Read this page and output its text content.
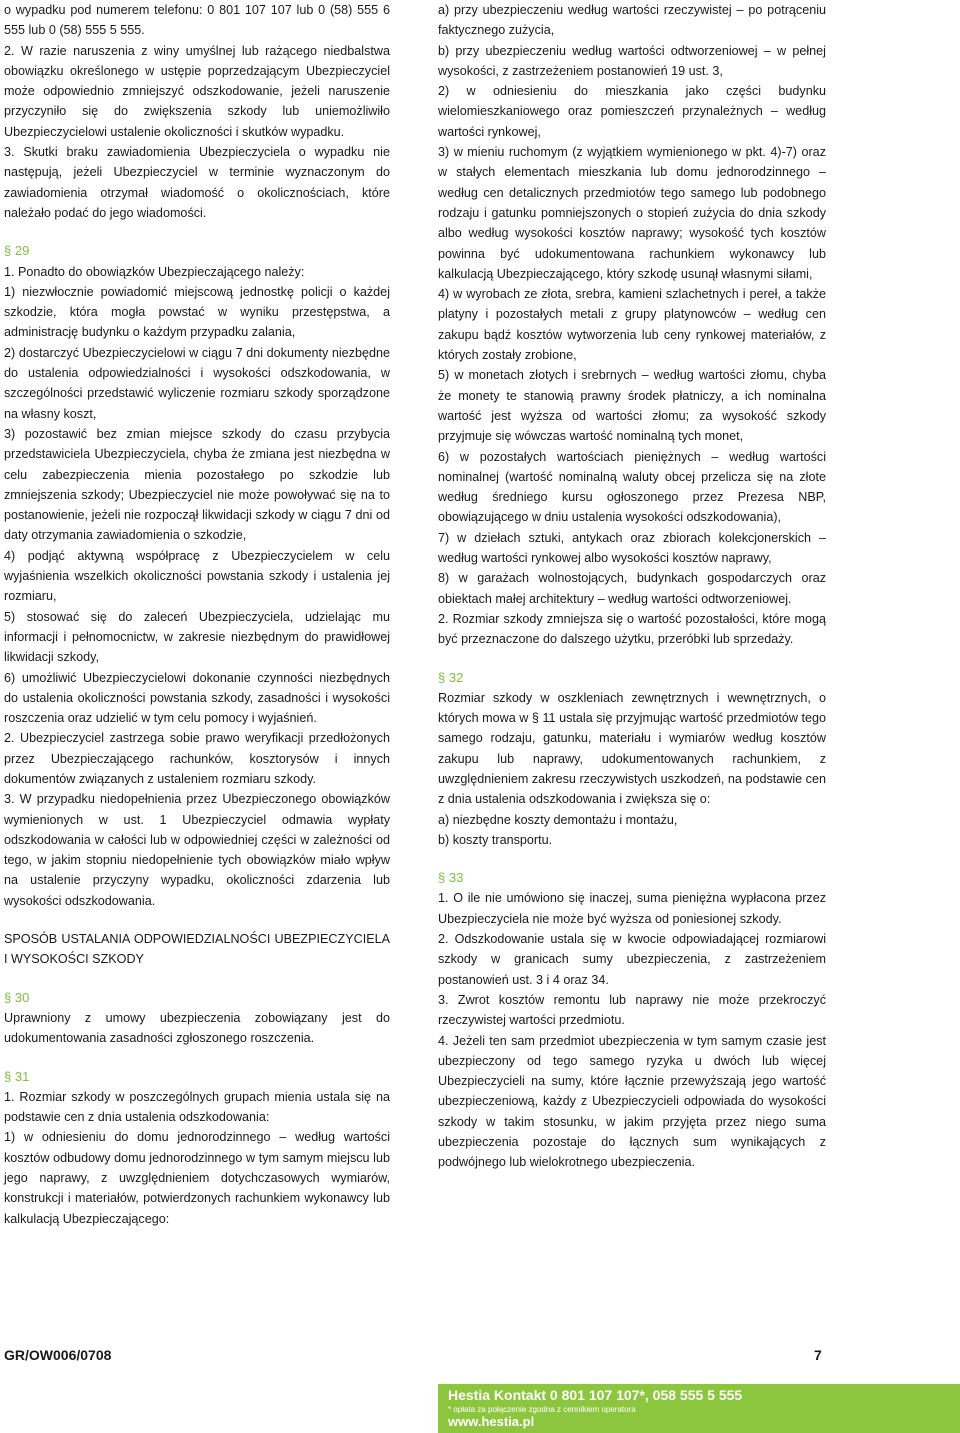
o wypadku pod numerem telefonu: 0 801 107 107 lub 0 (58) 555 6 555 lub 0 (58) 555 5 555.

2. W razie naruszenia z winy umyślnej lub rażącego niedbalstwa obowiązku określonego w ustępie poprzedzającym Ubezpieczyciel może odpowiednio zmniejszyć odszkodowanie, jeżeli naruszenie przyczyniło się do zwiększenia szkody lub uniemożliwiło Ubezpieczycielowi ustalenie okoliczności i skutków wypadku.

3. Skutki braku zawiadomienia Ubezpieczyciela o wypadku nie następują, jeżeli Ubezpieczyciel w terminie wyznaczonym do zawiadomienia otrzymał wiadomość o okolicznościach, które należało podać do jego wiadomości.

§ 29

1. Ponadto do obowiązków Ubezpieczającego należy:

1) niezwłocznie powiadomić miejscową jednostkę policji o każdej szkodzie, która mogła powstać w wyniku przestępstwa, a administrację budynku o każdym przypadku zalania,

2) dostarczyć Ubezpieczycielowi w ciągu 7 dni dokumenty niezbędne do ustalenia odpowiedzialności i wysokości odszkodowania, w szczególności przedstawić wyliczenie rozmiaru szkody sporządzone na własny koszt,

3) pozostawić bez zmian miejsce szkody do czasu przybycia przedstawiciela Ubezpieczyciela, chyba że zmiana jest niezbędna w celu zabezpieczenia mienia pozostałego po szkodzie lub zmniejszenia szkody; Ubezpieczyciel nie może powoływać się na to postanowienie, jeżeli nie rozpoczął likwidacji szkody w ciągu 7 dni od daty otrzymania zawiadomienia o szkodzie,

4) podjąć aktywną współpracę z Ubezpieczycielem w celu wyjaśnienia wszelkich okoliczności powstania szkody i ustalenia jej rozmiaru,

5) stosować się do zaleceń Ubezpieczyciela, udzielając mu informacji i pełnomocnictw, w zakresie niezbędnym do prawidłowej likwidacji szkody,

6) umożliwić Ubezpieczycielowi dokonanie czynności niezbędnych do ustalenia okoliczności powstania szkody, zasadności i wysokości roszczenia oraz udzielić w tym celu pomocy i wyjaśnień.

2. Ubezpieczyciel zastrzega sobie prawo weryfikacji przedłożonych przez Ubezpieczającego rachunków, kosztorysów i innych dokumentów związanych z ustaleniem rozmiaru szkody.

3. W przypadku niedopełnienia przez Ubezpieczonego obowiązków wymienionych w ust. 1 Ubezpieczyciel odmawia wypłaty odszkodowania w całości lub w odpowiedniej części w zależności od tego, w jakim stopniu niedopełnienie tych obowiązków miało wpływ na ustalenie przyczyny wypadku, okoliczności zdarzenia lub wysokości odszkodowania.

SPOSÓB USTALANIA ODPOWIEDZIALNOŚCI UBEZPIECZYCIELA I WYSOKOŚCI SZKODY

§ 30

Uprawniony z umowy ubezpieczenia zobowiązany jest do udokumentowania zasadności zgłoszonego roszczenia.

§ 31

1. Rozmiar szkody w poszczególnych grupach mienia ustala się na podstawie cen z dnia ustalenia odszkodowania:

1) w odniesieniu do domu jednorodzinnego – według wartości kosztów odbudowy domu jednorodzinnego w tym samym miejscu lub jego naprawy, z uwzględnieniem dotychczasowych wymiarów, konstrukcji i materiałów, potwierdzonych rachunkiem wykonawcy lub kalkulacją Ubezpieczającego:

a) przy ubezpieczeniu według wartości rzeczywistej – po potrąceniu faktycznego zużycia,

b) przy ubezpieczeniu według wartości odtworzeniowej – w pełnej wysokości, z zastrzeżeniem postanowień 19 ust. 3,

2) w odniesieniu do mieszkania jako części budynku wielomieszkaniowego oraz pomieszczeń przynależnych – według wartości rynkowej,

3) w mieniu ruchomym (z wyjątkiem wymienionego w pkt. 4)-7) oraz w stałych elementach mieszkania lub domu jednorodzinnego – według cen detalicznych przedmiotów tego samego lub podobnego rodzaju i gatunku pomniejszonych o stopień zużycia do dnia szkody albo według wysokości kosztów naprawy; wysokość tych kosztów powinna być udokumentowana rachunkiem wykonawcy lub kalkulacją Ubezpieczającego, który szkodę usunął własnymi siłami,

4) w wyrobach ze złota, srebra, kamieni szlachetnych i pereł, a także platyny i pozostałych metali z grupy platynowców – według cen zakupu bądź kosztów wytworzenia lub ceny rynkowej materiałów, z których zostały zrobione,

5) w monetach złotych i srebrnych – według wartości złomu, chyba że monety te stanowią prawny środek płatniczy, a ich nominalna wartość jest wyższa od wartości złomu; za wysokość szkody przyjmuje się wówczas wartość nominalną tych monet,

6) w pozostałych wartościach pieniężnych – według wartości nominalnej (wartość nominalną waluty obcej przelicza się na złote według średniego kursu ogłoszonego przez Prezesa NBP, obowiązującego w dniu ustalenia wysokości odszkodowania),

7) w dziełach sztuki, antykach oraz zbiorach kolekcjonerskich – według wartości rynkowej albo wysokości kosztów naprawy,

8) w garażach wolnostojących, budynkach gospodarczych oraz obiektach małej architektury – według wartości odtworzeniowej.

2. Rozmiar szkody zmniejsza się o wartość pozostałości, które mogą być przeznaczone do dalszego użytku, przeróbki lub sprzedaży.

§ 32

Rozmiar szkody w oszkleniach zewnętrznych i wewnętrznych, o których mowa w § 11 ustala się przyjmując wartość przedmiotów tego samego rodzaju, gatunku, materiału i wymiarów według kosztów zakupu lub naprawy, udokumentowanych rachunkiem, z uwzględnieniem zakresu rzeczywistych uszkodzeń, na podstawie cen z dnia ustalenia odszkodowania i zwiększa się o:

a) niezbędne koszty demontażu i montażu,

b) koszty transportu.

§ 33

1. O ile nie umówiono się inaczej, suma pieniężna wypłacona przez Ubezpieczyciela nie może być wyższa od poniesionej szkody.

2. Odszkodowanie ustala się w kwocie odpowiadającej rozmiarowi szkody w granicach sumy ubezpieczenia, z zastrzeżeniem postanowień ust. 3 i 4 oraz 34.

3. Zwrot kosztów remontu lub naprawy nie może przekroczyć rzeczywistej wartości przedmiotu.

4. Jeżeli ten sam przedmiot ubezpieczenia w tym samym czasie jest ubezpieczony od tego samego ryzyka u dwóch lub więcej Ubezpieczycieli na sumy, które łącznie przewyższają jego wartość ubezpieczeniową, każdy z Ubezpieczycieli odpowiada do wysokości szkody w takim stosunku, w jakim przyjęta przez niego suma ubezpieczenia pozostaje do łącznych sum wynikających z podwójnego lub wielokrotnego ubezpieczenia.

GR/OW006/0708	7
Hestia Kontakt 0 801 107 107*, 058 555 5 555
* opłata za połączenie zgodna z cennikiem operatora
www.hestia.pl
